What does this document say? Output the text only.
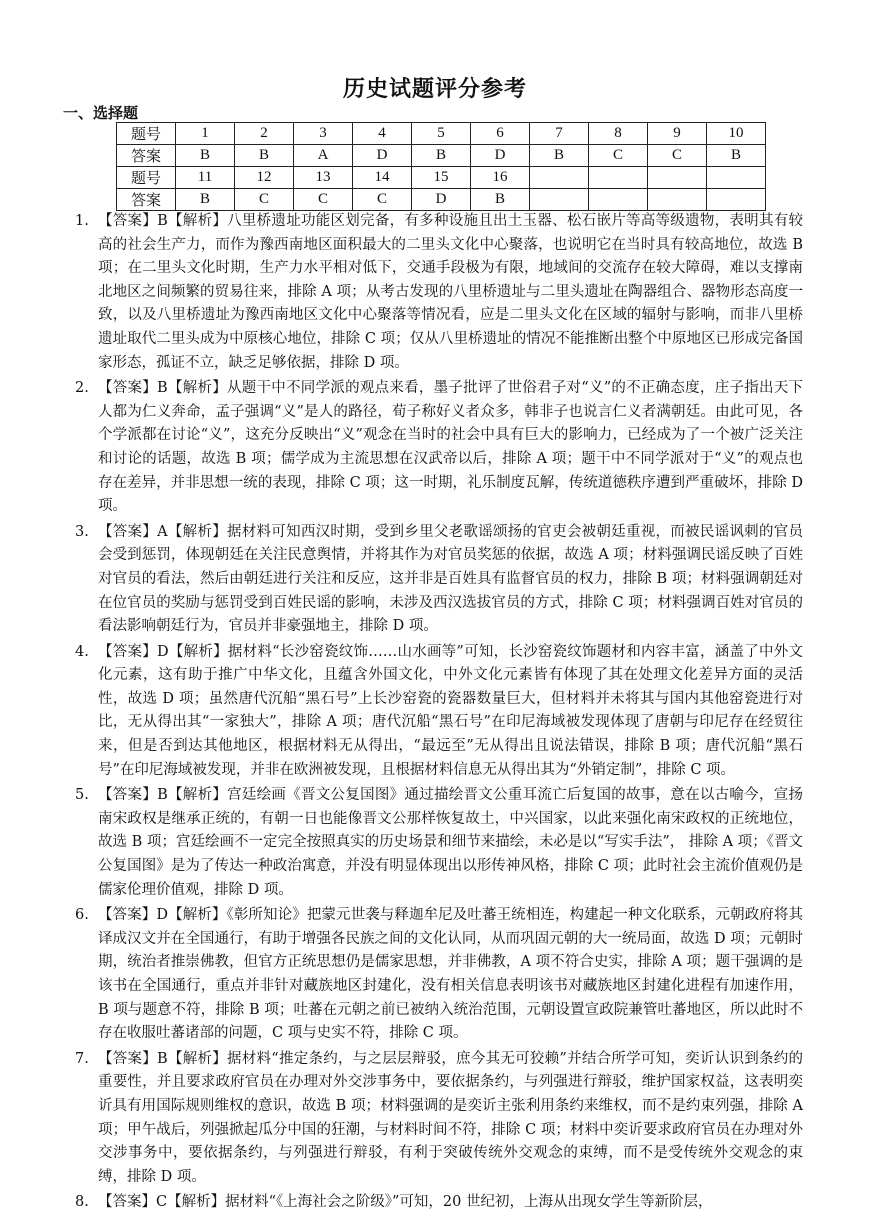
历史试题评分参考
一、选择题
题号	1	2	3	4	5	6	7	8	9	10
答案	B	B	A	D	B	D	B	C	C	B
题号	11	12	13	14	15	16				
答案	B	C	C	C	D	B				
1. 【答案】B【解析】八里桥遗址功能区划完备，有多种设施且出土玉器、松石嵌片等高等级遗物，表明其有较高的社会生产力，而作为豫西南地区面积最大的二里头文化中心聚落，也说明它在当时具有较高地位，故选 B 项；在二里头文化时期，生产力水平相对低下，交通手段极为有限，地域间的交流存在较大障碍，难以支撑南北地区之间频繁的贸易往来，排除 A 项；从考古发现的八里桥遗址与二里头遗址在陶器组合、器物形态高度一致，以及八里桥遗址为豫西南地区文化中心聚落等情况看，应是二里头文化在区域的辐射与影响，而非八里桥遗址取代二里头成为中原核心地位，排除 C 项；仅从八里桥遗址的情况不能推断出整个中原地区已形成完备国家形态，孤证不立，缺乏足够依据，排除 D 项。
2. 【答案】B【解析】从题干中不同学派的观点来看，墨子批评了世俗君子对“义”的不正确态度，庄子指出天下人都为仁义奔命，孟子强调“义”是人的路径，荀子称好义者众多，韩非子也说言仁义者满朝廷。由此可见，各个学派都在讨论“义”，这充分反映出“义”观念在当时的社会中具有巨大的影响力，已经成为了一个被广泛关注和讨论的话题，故选 B 项；儒学成为主流思想在汉武帝以后，排除 A 项；题干中不同学派对于“义”的观点也存在差异，并非思想一统的表现，排除 C 项；这一时期，礼乐制度瓦解，传统道德秩序遭到严重破坏，排除 D 项。
3. 【答案】A【解析】据材料可知西汉时期，受到乡里父老歌谣颂扬的官吏会被朝廷重视，而被民谣讽刺的官员会受到惩罚，体现朝廷在关注民意舆情，并将其作为对官员奖惩的依据，故选 A 项；材料强调民谣反映了百姓对官员的看法，然后由朝廷进行关注和反应，这并非是百姓具有监督官员的权力，排除 B 项；材料强调朝廷对在位官员的奖励与惩罚受到百姓民谣的影响，未涉及西汉选拔官员的方式，排除 C 项；材料强调百姓对官员的看法影响朝廷行为，官员并非豪强地主，排除 D 项。
4. 【答案】D【解析】据材料“长沙窑瓷纹饰……山水画等”可知，长沙窑瓷纹饰题材和内容丰富，涵盖了中外文化元素，这有助于推广中华文化，且蕴含外国文化，中外文化元素皆有体现了其在处理文化差异方面的灵活性，故选 D 项；虽然唐代沉船“黑石号”上长沙窑瓷的瓷器数量巨大，但材料并未将其与国内其他窑瓷进行对比，无从得出其“一家独大”，排除 A 项；唐代沉船“黑石号”在印尼海域被发现体现了唐朝与印尼存在经贸往来，但是否到达其他地区，根据材料无从得出，“最远至”无从得出且说法错误，排除 B 项；唐代沉船“黑石号”在印尼海域被发现，并非在欧洲被发现，且根据材料信息无从得出其为“外销定制”，排除 C 项。
5. 【答案】B【解析】宫廷绘画《晋文公复国图》通过描绘晋文公重耳流亡后复国的故事，意在以古喻今，宣扬南宋政权是继承正统的，有朝一日也能像晋文公那样恢复故土，中兴国家，以此来强化南宋政权的正统地位，故选 B 项；宫廷绘画不一定完全按照真实的历史场景和细节来描绘，未必是以“写实手法”， 排除 A 项；《晋文公复国图》是为了传达一种政治寓意，并没有明显体现出以形传神风格，排除 C 项；此时社会主流价值观仍是儒家伦理价值观，排除 D 项。
6. 【答案】D【解析】《彰所知论》把蒙元世袭与释迦牟尼及吐蕃王统相连，构建起一种文化联系，元朝政府将其译成汉文并在全国通行，有助于增强各民族之间的文化认同，从而巩固元朝的大一统局面，故选 D 项；元朝时期，统治者推崇佛教，但官方正统思想仍是儒家思想，并非佛教，A 项不符合史实，排除 A 项；题干强调的是该书在全国通行，重点并非针对藏族地区封建化，没有相关信息表明该书对藏族地区封建化进程有加速作用，B 项与题意不符，排除 B 项；吐蕃在元朝之前已被纳入统治范围，元朝设置宣政院兼管吐蕃地区，所以此时不存在收服吐蕃诸部的问题，C 项与史实不符，排除 C 项。
7. 【答案】B【解析】据材料“推定条约，与之层层辩驳，庶今其无可狡赖”并结合所学可知，奕䜣认识到条约的重要性，并且要求政府官员在办理对外交涉事务中，要依据条约，与列强进行辩驳，维护国家权益，这表明奕䜣具有用国际规则维权的意识，故选 B 项；材料强调的是奕䜣主张利用条约来维权，而不是约束列强，排除 A 项；甲午战后，列强掀起瓜分中国的狂潮，与材料时间不符，排除 C 项；材料中奕䜣要求政府官员在办理对外交涉事务中，要依据条约，与列强进行辩驳，有利于突破传统外交观念的束缚，而不是受传统外交观念的束缚，排除 D 项。
8. 【答案】C【解析】据材料“《上海社会之阶级》”可知，20 世纪初，上海从出现女学生等新阶层，
